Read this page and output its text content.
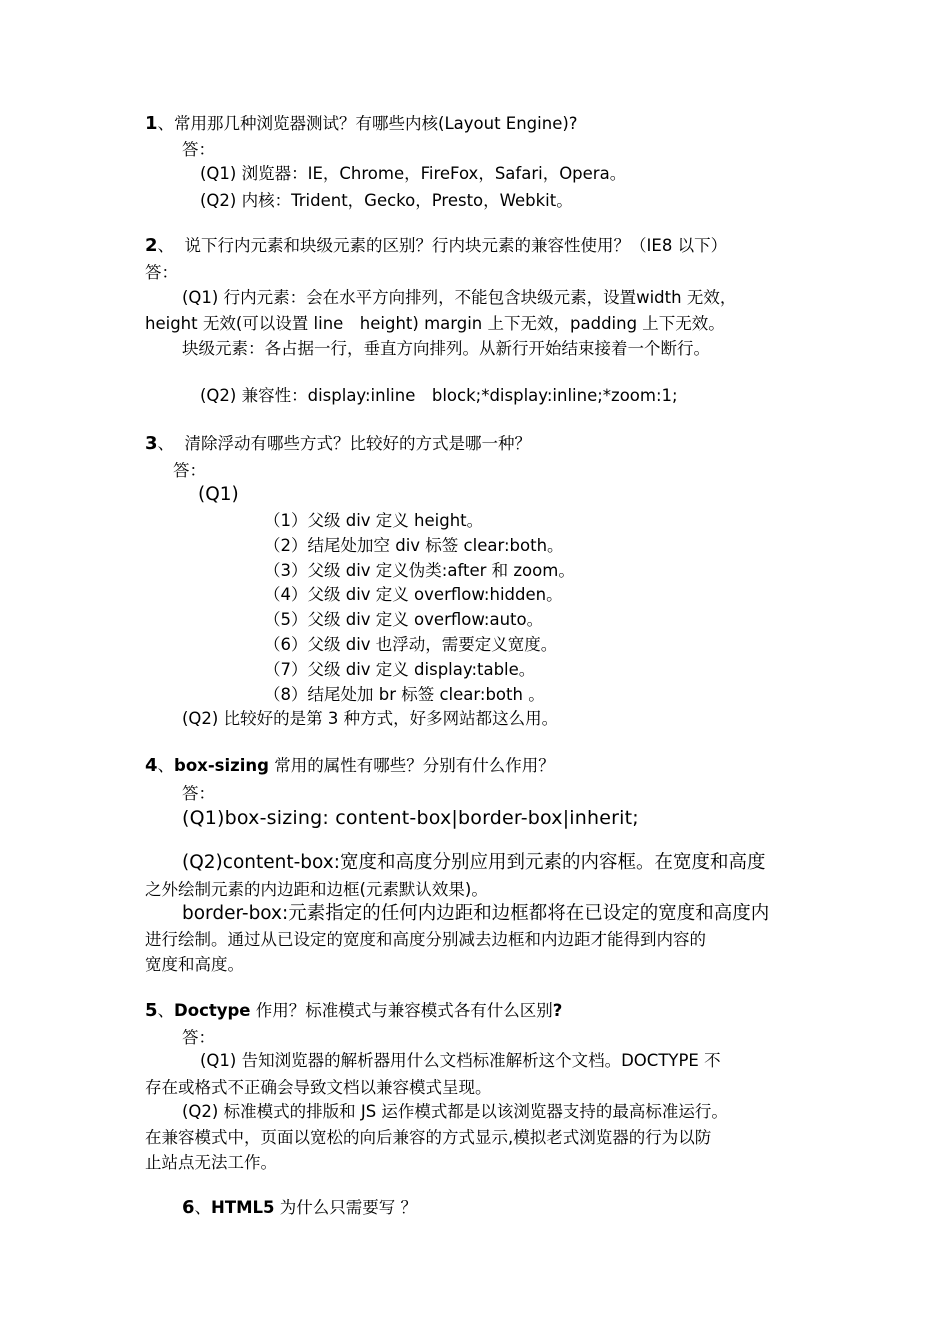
1、常用那几种浏览器测试？有哪些内核(Layout Engine)?
答：
(Q1) 浏览器：IE，Chrome，FireFox，Safari，Opera。
(Q2) 内核：Trident，Gecko，Presto，Webkit。
2、 说下行内元素和块级元素的区别？行内块元素的兼容性使用？（IE8 以下）
答：
(Q1) 行内元素：会在水平方向排列，不能包含块级元素，设置width 无效，
height 无效(可以设置 line　height) margin 上下无效，padding 上下无效。
块级元素：各占据一行，垂直方向排列。从新行开始结束接着一个断行。
(Q2) 兼容性：display:inline　block;*display:inline;*zoom:1;
3、 清除浮动有哪些方式？比较好的方式是哪一种？
答：
(Q1)
（1）父级 div 定义 height。
（2）结尾处加空 div 标签 clear:both。
（3）父级 div 定义伪类:after 和 zoom。
（4）父级 div 定义 overflow:hidden。
（5）父级 div 定义 overflow:auto。
（6）父级 div 也浮动，需要定义宽度。
（7）父级 div 定义 display:table。
（8）结尾处加 br 标签 clear:both 。
(Q2) 比较好的是第 3 种方式，好多网站都这么用。
4、box-sizing 常用的属性有哪些？分别有什么作用？
答：
(Q1)box-sizing: content-box|border-box|inherit;
(Q2)content-box:宽度和高度分别应用到元素的内容框。在宽度和高度
之外绘制元素的内边距和边框(元素默认效果)。
border-box:元素指定的任何内边距和边框都将在已设定的宽度和高度内
进行绘制。通过从已设定的宽度和高度分别减去边框和内边距才能得到内容的
宽度和高度。
5、Doctype 作用？标准模式与兼容模式各有什么区别?
答：
(Q1) 告知浏览器的解析器用什么文档标准解析这个文档。DOCTYPE 不
存在或格式不正确会导致文档以兼容模式呈现。
(Q2) 标准模式的排版和 JS 运作模式都是以该浏览器支持的最高标准运行。
在兼容模式中，页面以宽松的向后兼容的方式显示,模拟老式浏览器的行为以防
止站点无法工作。
6、HTML5 为什么只需要写 ？
